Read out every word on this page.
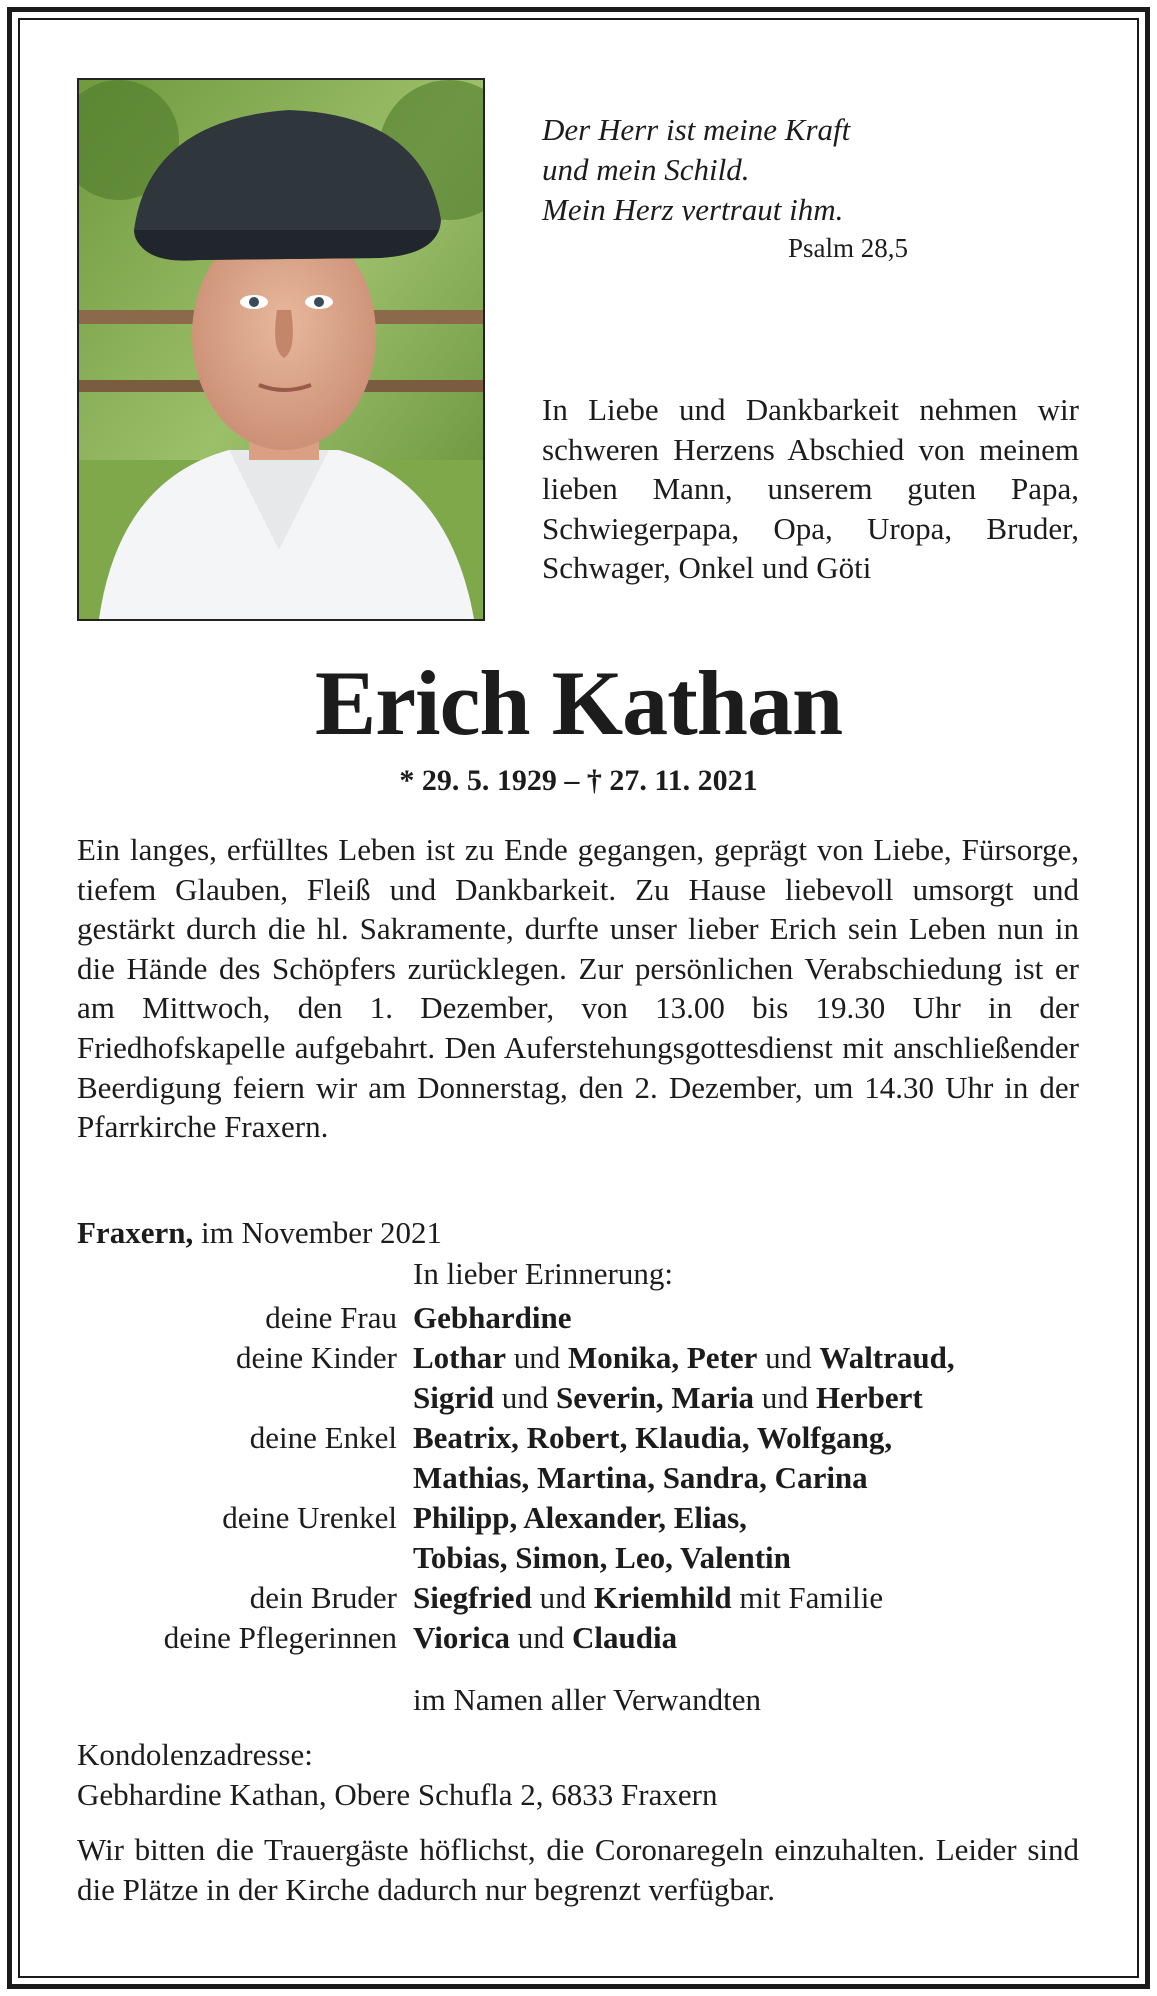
Der Herr ist meine Kraft
und mein Schild.
Mein Herz vertraut ihm.
Psalm 28,5
In Liebe und Dankbarkeit nehmen wir schweren Herzens Abschied von meinem lieben Mann, unserem guten Papa, Schwiegerpapa, Opa, Uropa, Bruder, Schwager, Onkel und Göti
Erich Kathan
* 29. 5. 1929 – † 27. 11. 2021
Ein langes, erfülltes Leben ist zu Ende gegangen, geprägt von Liebe, Fürsorge, tiefem Glauben, Fleiß und Dankbarkeit. Zu Hause liebevoll umsorgt und gestärkt durch die hl. Sakramente, durfte unser lieber Erich sein Leben nun in die Hände des Schöpfers zurücklegen. Zur persönlichen Verabschiedung ist er am Mittwoch, den 1. Dezember, von 13.00 bis 19.30 Uhr in der Friedhofskapelle aufgebahrt. Den Auferstehungsgottesdienst mit anschließender Beerdigung feiern wir am Donnerstag, den 2. Dezember, um 14.30 Uhr in der Pfarrkirche Fraxern.
Fraxern, im November 2021
In lieber Erinnerung:
deine Frau Gebhardine
deine Kinder Lothar und Monika, Peter und Waltraud,
Sigrid und Severin, Maria und Herbert
deine Enkel Beatrix, Robert, Klaudia, Wolfgang,
Mathias, Martina, Sandra, Carina
deine Urenkel Philipp, Alexander, Elias,
Tobias, Simon, Leo, Valentin
dein Bruder Siegfried und Kriemhild mit Familie
deine Pflegerinnen Viorica und Claudia
im Namen aller Verwandten
Kondolenzadresse:
Gebhardine Kathan, Obere Schufla 2, 6833 Fraxern
Wir bitten die Trauergäste höflichst, die Coronaregeln einzuhalten. Leider sind die Plätze in der Kirche dadurch nur begrenzt verfügbar.
